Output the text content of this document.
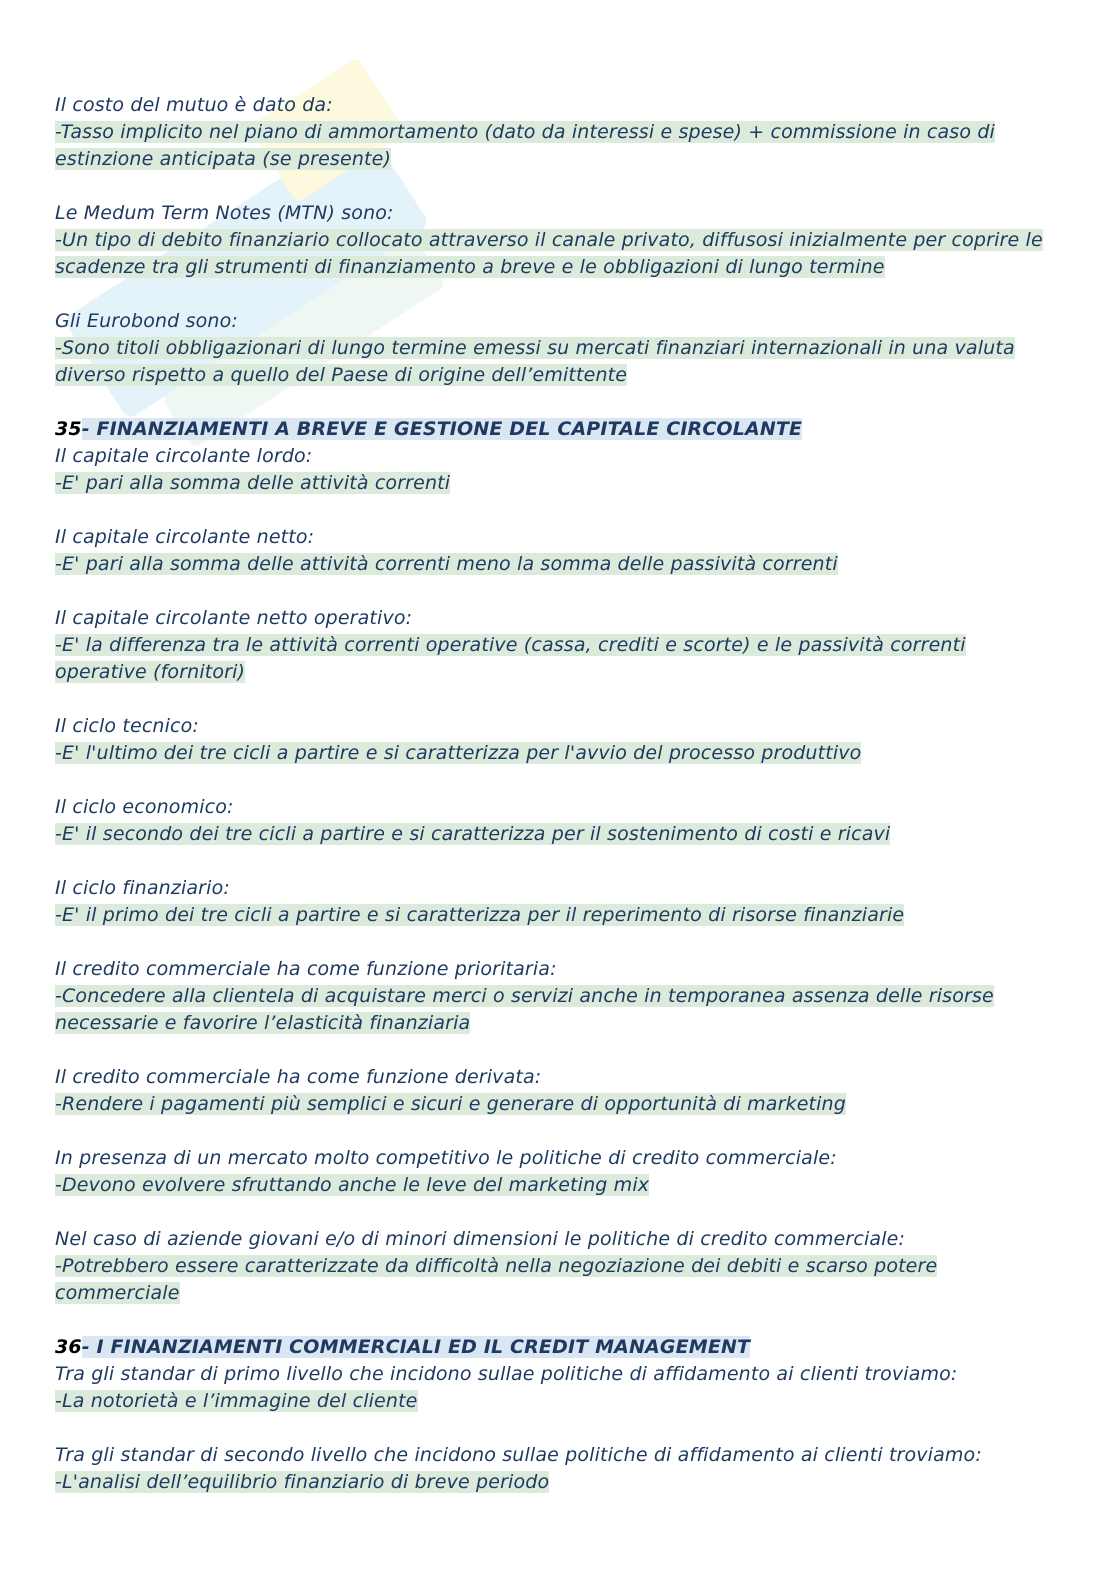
Il costo del mutuo è dato da:
-Tasso implicito nel piano di ammortamento (dato da interessi e spese) + commissione in caso di estinzione anticipata (se presente)
Le Medum Term Notes (MTN) sono:
-Un tipo di debito finanziario collocato attraverso il canale privato, diffusosi inizialmente per coprire le scadenze tra gli strumenti di finanziamento a breve e le obbligazioni di lungo termine
Gli Eurobond sono:
-Sono titoli obbligazionari di lungo termine emessi su mercati finanziari internazionali in una valuta diverso rispetto a quello del Paese di origine dell’emittente
35- FINANZIAMENTI A BREVE E GESTIONE DEL CAPITALE CIRCOLANTE
Il capitale circolante lordo:
-E' pari alla somma delle attività correnti
Il capitale circolante netto:
-E' pari alla somma delle attività correnti meno la somma delle passività correnti
Il capitale circolante netto operativo:
-E' la differenza tra le attività correnti operative (cassa, crediti e scorte) e le passività correnti operative (fornitori)
Il ciclo tecnico:
-E' l'ultimo dei tre cicli a partire e si caratterizza per l'avvio del processo produttivo
Il ciclo economico:
-E' il secondo dei tre cicli a partire e si caratterizza per il sostenimento di costi e ricavi
Il ciclo finanziario:
-E' il primo dei tre cicli a partire e si caratterizza per il reperimento di risorse finanziarie
Il credito commerciale ha come funzione prioritaria:
-Concedere alla clientela di acquistare merci o servizi anche in temporanea assenza delle risorse necessarie e favorire l’elasticità finanziaria
Il credito commerciale ha come funzione derivata:
-Rendere i pagamenti più semplici e sicuri e generare di opportunità di marketing
In presenza di un mercato molto competitivo le politiche di credito commerciale:
-Devono evolvere sfruttando anche le leve del marketing mix
Nel caso di aziende giovani e/o di minori dimensioni le politiche di credito commerciale:
-Potrebbero essere caratterizzate da difficoltà nella negoziazione dei debiti e scarso potere commerciale
36- I FINANZIAMENTI COMMERCIALI ED IL CREDIT MANAGEMENT
Tra gli standar di primo livello che incidono sullae politiche di affidamento ai clienti troviamo:
-La notorietà e l’immagine del cliente
Tra gli standar di secondo livello che incidono sullae politiche di affidamento ai clienti troviamo:
-L'analisi dell’equilibrio finanziario di breve periodo
